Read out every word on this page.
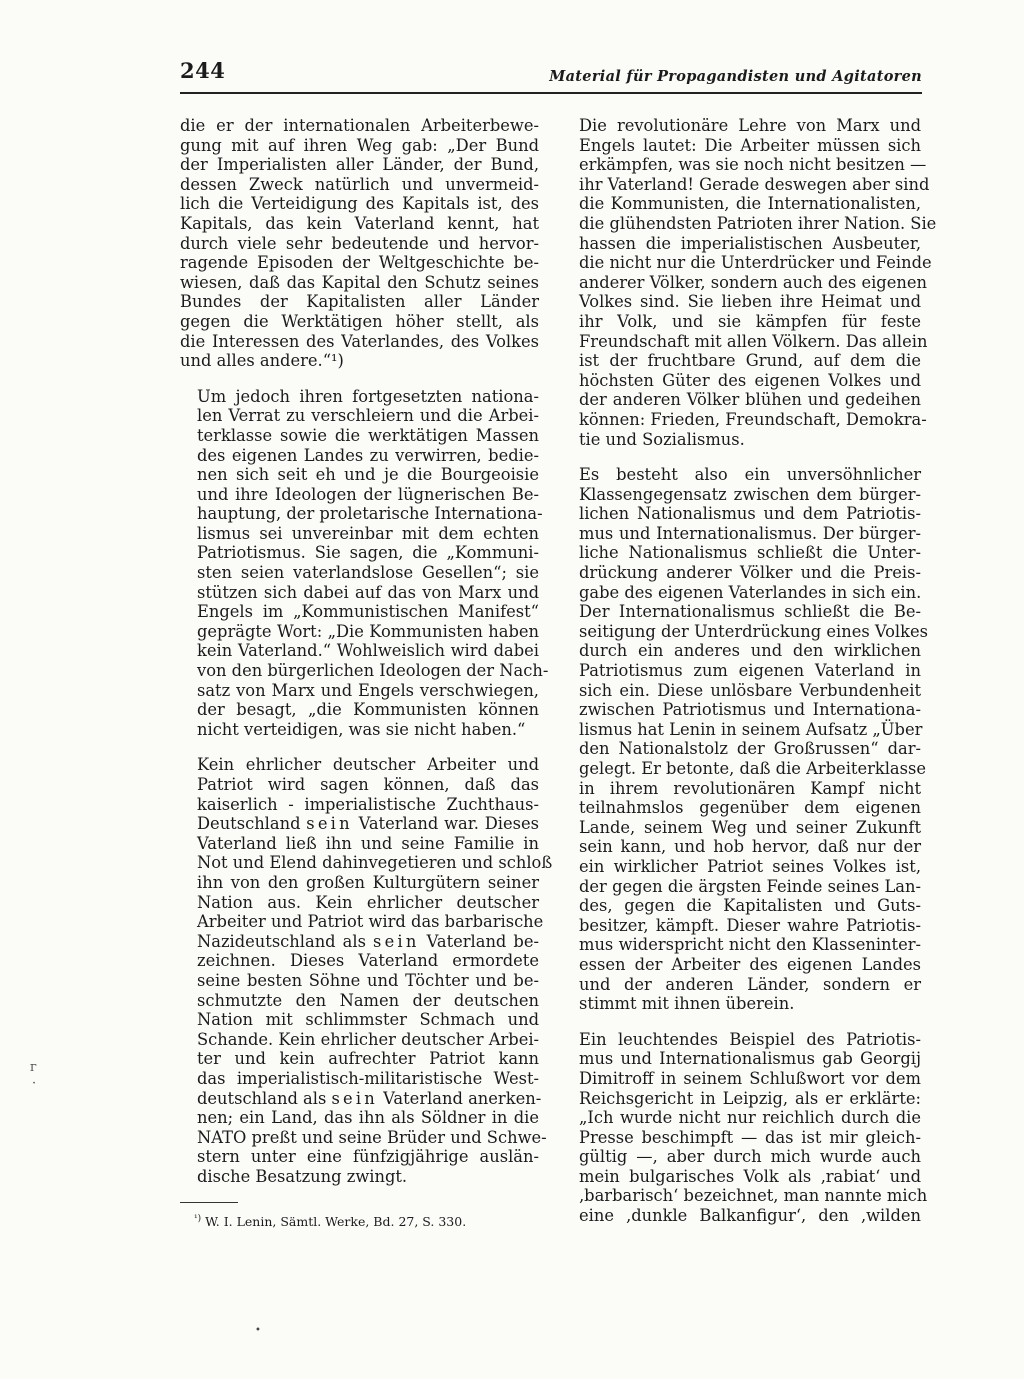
244	Material für Propagandisten und Agitatoren

die er der internationalen Arbeiterbewe-
gung mit auf ihren Weg gab: „Der Bund
der Imperialisten aller Länder, der Bund,
dessen Zweck natürlich und unvermeid-
lich die Verteidigung des Kapitals ist, des
Kapitals, das kein Vaterland kennt, hat
durch viele sehr bedeutende und hervor-
ragende Episoden der Weltgeschichte be-
wiesen, daß das Kapital den Schutz seines
Bundes der Kapitalisten aller Länder
gegen die Werktätigen höher stellt, als
die Interessen des Vaterlandes, des Volkes
und alles andere.“¹)

Um jedoch ihren fortgesetzten nationa-
len Verrat zu verschleiern und die Arbei-
terklasse sowie die werktätigen Massen
des eigenen Landes zu verwirren, bedie-
nen sich seit eh und je die Bourgeoisie
und ihre Ideologen der lügnerischen Be-
hauptung, der proletarische Internationa-
lismus sei unvereinbar mit dem echten
Patriotismus. Sie sagen, die „Kommuni-
sten seien vaterlandslose Gesellen“; sie
stützen sich dabei auf das von Marx und
Engels im „Kommunistischen Manifest“
geprägte Wort: „Die Kommunisten haben
kein Vaterland.“ Wohlweislich wird dabei
von den bürgerlichen Ideologen der Nach-
satz von Marx und Engels verschwiegen,
der besagt, „die Kommunisten können
nicht verteidigen, was sie nicht haben.“

Kein ehrlicher deutscher Arbeiter und
Patriot wird sagen können, daß das
kaiserlich - imperialistische Zuchthaus-
Deutschland sein Vaterland war. Dieses
Vaterland ließ ihn und seine Familie in
Not und Elend dahinvegetieren und schloß
ihn von den großen Kulturgütern seiner
Nation aus. Kein ehrlicher deutscher
Arbeiter und Patriot wird das barbarische
Nazideutschland als sein Vaterland be-
zeichnen. Dieses Vaterland ermordete
seine besten Söhne und Töchter und be-
schmutzte den Namen der deutschen
Nation mit schlimmster Schmach und
Schande. Kein ehrlicher deutscher Arbei-
ter und kein aufrechter Patriot kann
das imperialistisch-militaristische West-
deutschland als sein Vaterland anerken-
nen; ein Land, das ihn als Söldner in die
NATO preßt und seine Brüder und Schwe-
stern unter eine fünfzigjährige auslän-
dische Besatzung zwingt.

$^{^1)}$ W. I. Lenin, Sämtl. Werke, Bd. 27, S. 330.

Die revolutionäre Lehre von Marx und
Engels lautet: Die Arbeiter müssen sich
erkämpfen, was sie noch nicht besitzen —
ihr Vaterland! Gerade deswegen aber sind
die Kommunisten, die Internationalisten,
die glühendsten Patrioten ihrer Nation. Sie
hassen die imperialistischen Ausbeuter,
die nicht nur die Unterdrücker und Feinde
anderer Völker, sondern auch des eigenen
Volkes sind. Sie lieben ihre Heimat und
ihr Volk, und sie kämpfen für feste
Freundschaft mit allen Völkern. Das allein
ist der fruchtbare Grund, auf dem die
höchsten Güter des eigenen Volkes und
der anderen Völker blühen und gedeihen
können: Frieden, Freundschaft, Demokra-
tie und Sozialismus.

Es besteht also ein unversöhnlicher
Klassengegensatz zwischen dem bürger-
lichen Nationalismus und dem Patriotis-
mus und Internationalismus. Der bürger-
liche Nationalismus schließt die Unter-
drückung anderer Völker und die Preis-
gabe des eigenen Vaterlandes in sich ein.
Der Internationalismus schließt die Be-
seitigung der Unterdrückung eines Volkes
durch ein anderes und den wirklichen
Patriotismus zum eigenen Vaterland in
sich ein. Diese unlösbare Verbundenheit
zwischen Patriotismus und Internationa-
lismus hat Lenin in seinem Aufsatz „Über
den Nationalstolz der Großrussen“ dar-
gelegt. Er betonte, daß die Arbeiterklasse
in ihrem revolutionären Kampf nicht
teilnahmslos gegenüber dem eigenen
Lande, seinem Weg und seiner Zukunft
sein kann, und hob hervor, daß nur der
ein wirklicher Patriot seines Volkes ist,
der gegen die ärgsten Feinde seines Lan-
des, gegen die Kapitalisten und Guts-
besitzer, kämpft. Dieser wahre Patriotis-
mus widerspricht nicht den Klasseninter-
essen der Arbeiter des eigenen Landes
und der anderen Länder, sondern er
stimmt mit ihnen überein.

Ein leuchtendes Beispiel des Patriotis-
mus und Internationalismus gab Georgij
Dimitroff in seinem Schlußwort vor dem
Reichsgericht in Leipzig, als er erklärte:
„Ich wurde nicht nur reichlich durch die
Presse beschimpft — das ist mir gleich-
gültig —, aber durch mich wurde auch
mein bulgarisches Volk als ‚rabiat‘ und
‚barbarisch‘ bezeichnet, man nannte mich
eine ‚dunkle Balkanfigur‘, den ‚wilden

ᴦ
·
•
